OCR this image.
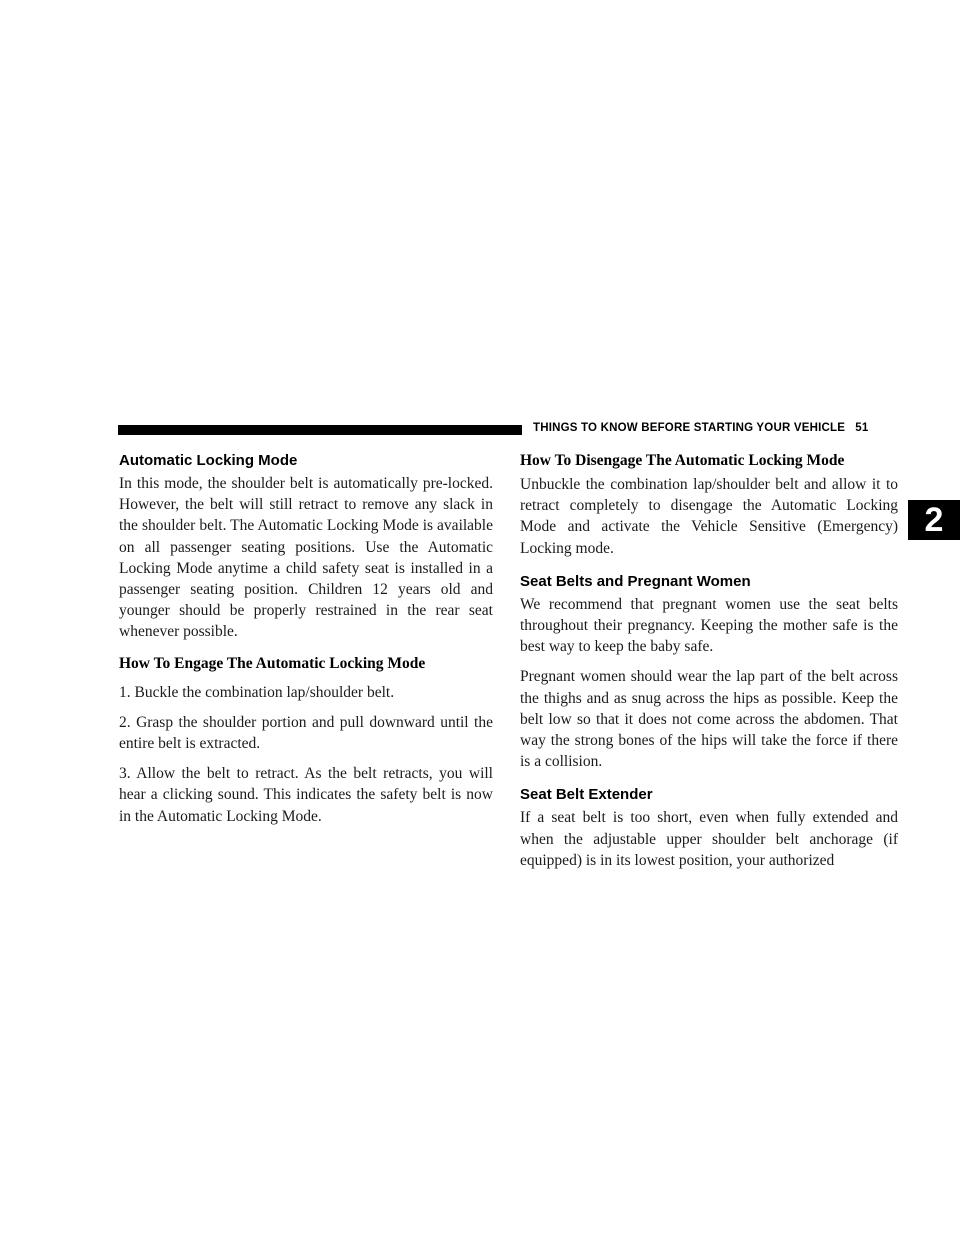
THINGS TO KNOW BEFORE STARTING YOUR VEHICLE 51
2
Automatic Locking Mode

In this mode, the shoulder belt is automatically pre-locked. However, the belt will still retract to remove any slack in the shoulder belt. The Automatic Locking Mode is available on all passenger seating positions. Use the Automatic Locking Mode anytime a child safety seat is installed in a passenger seating position. Children 12 years old and younger should be properly restrained in the rear seat whenever possible.

How To Engage The Automatic Locking Mode

1. Buckle the combination lap/shoulder belt.

2. Grasp the shoulder portion and pull downward until the entire belt is extracted.

3. Allow the belt to retract. As the belt retracts, you will hear a clicking sound. This indicates the safety belt is now in the Automatic Locking Mode.

How To Disengage The Automatic Locking Mode

Unbuckle the combination lap/shoulder belt and allow it to retract completely to disengage the Automatic Locking Mode and activate the Vehicle Sensitive (Emergency) Locking mode.

Seat Belts and Pregnant Women

We recommend that pregnant women use the seat belts throughout their pregnancy. Keeping the mother safe is the best way to keep the baby safe.

Pregnant women should wear the lap part of the belt across the thighs and as snug across the hips as possible. Keep the belt low so that it does not come across the abdomen. That way the strong bones of the hips will take the force if there is a collision.

Seat Belt Extender

If a seat belt is too short, even when fully extended and when the adjustable upper shoulder belt anchorage (if equipped) is in its lowest position, your authorized
